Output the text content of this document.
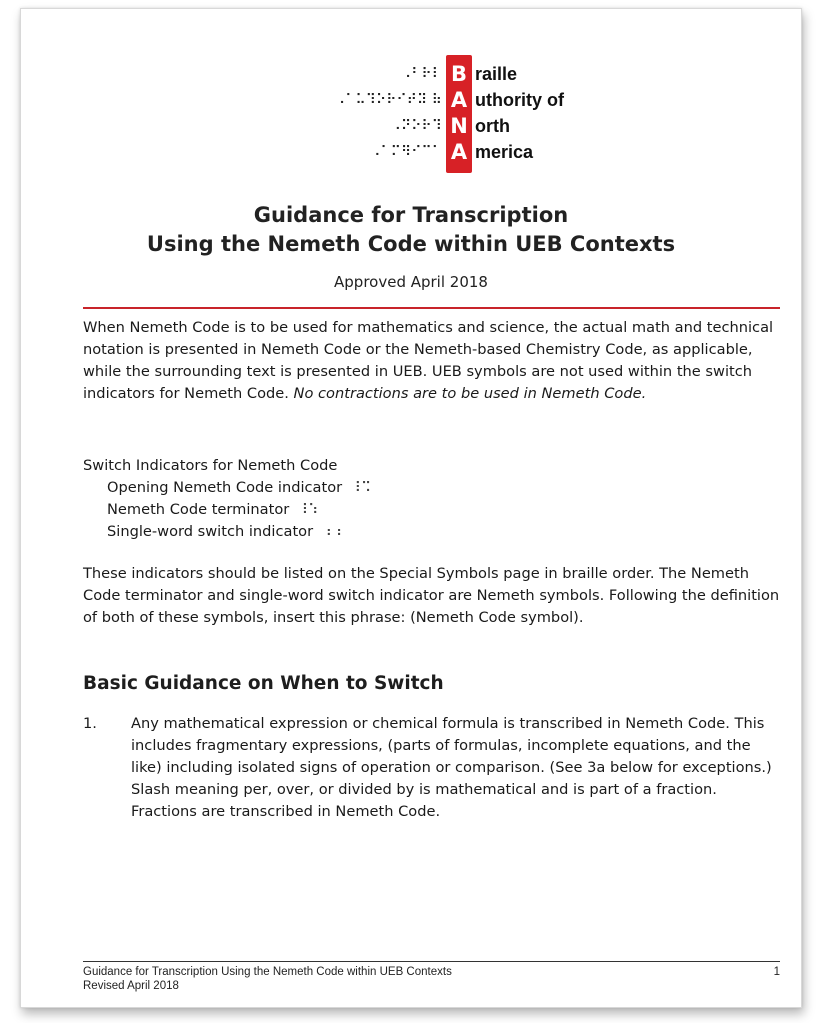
⠠⠃⠗⠇ B raille
⠠⠁⠥⠹⠕⠗⠊⠞⠽ ⠷ A uthority of
⠠⠝⠕⠗⠹ N orth
⠠⠁⠍⠻⠊⠉⠁ A merica
Guidance for Transcription
Using the Nemeth Code within UEB Contexts
Approved April 2018
When Nemeth Code is to be used for mathematics and science, the actual math and technical notation is presented in Nemeth Code or the Nemeth-based Chemistry Code, as applicable, while the surrounding text is presented in UEB. UEB symbols are not used within the switch indicators for Nemeth Code. No contractions are to be used in Nemeth Code.
Switch Indicators for Nemeth Code
Opening Nemeth Code indicator ⠸⠩
Nemeth Code terminator ⠸⠱
Single-word switch indicator ⠰⠰
These indicators should be listed on the Special Symbols page in braille order. The Nemeth Code terminator and single-word switch indicator are Nemeth symbols. Following the definition of both of these symbols, insert this phrase: (Nemeth Code symbol).
Basic Guidance on When to Switch
1.	Any mathematical expression or chemical formula is transcribed in Nemeth Code. This includes fragmentary expressions, (parts of formulas, incomplete equations, and the like) including isolated signs of operation or comparison. (See 3a below for exceptions.) Slash meaning per, over, or divided by is mathematical and is part of a fraction. Fractions are transcribed in Nemeth Code.
Guidance for Transcription Using the Nemeth Code within UEB Contexts
Revised April 2018
1
